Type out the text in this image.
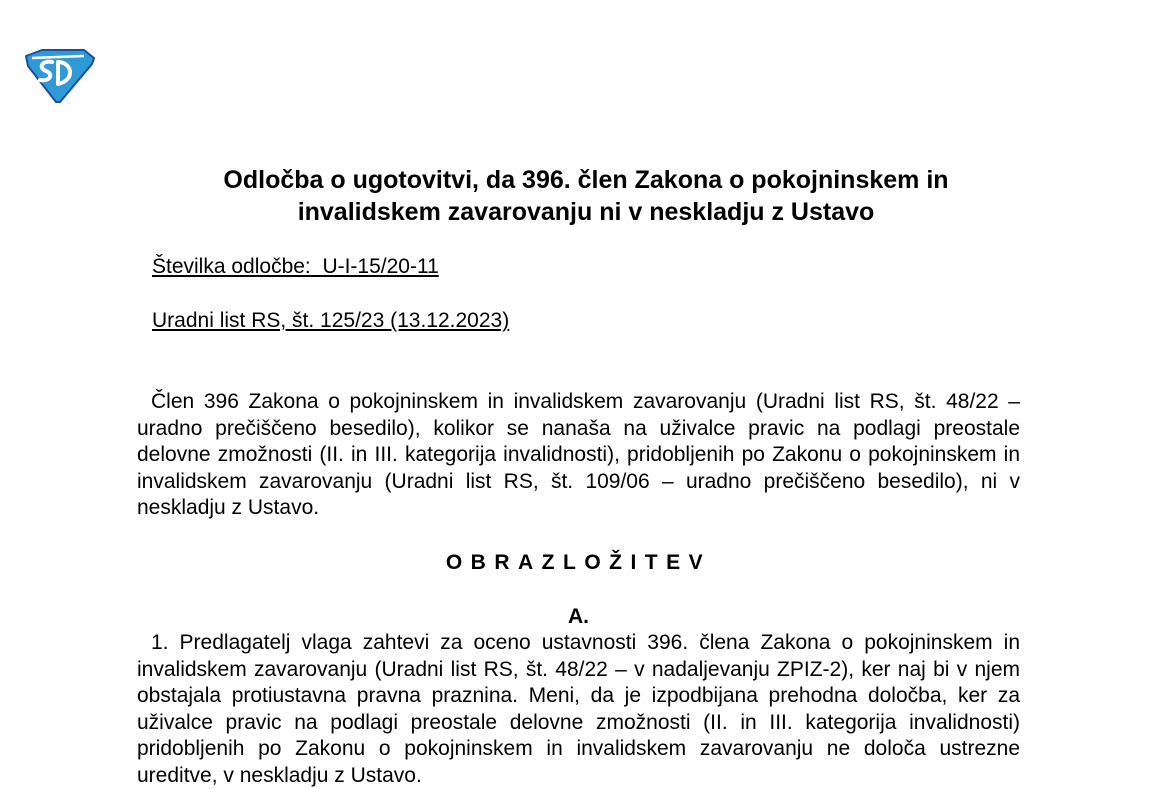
Odločba o ugotovitvi, da 396. člen Zakona o pokojninskem in
invalidskem zavarovanju ni v neskladju z Ustavo
Številka odločbe: U-I-15/20-11
Uradni list RS, št. 125/23 (13.12.2023)

Člen 396 Zakona o pokojninskem in invalidskem zavarovanju (Uradni list RS, št. 48/22 – uradno prečiščeno besedilo), kolikor se nanaša na uživalce pravic na podlagi preostale delovne zmožnosti (II. in III. kategorija invalidnosti), pridobljenih po Zakonu o pokojninskem in invalidskem zavarovanju (Uradni list RS, št. 109/06 – uradno prečiščeno besedilo), ni v neskladju z Ustavo.

OBRAZLOŽITEV
A.

1. Predlagatelj vlaga zahtevi za oceno ustavnosti 396. člena Zakona o pokojninskem in invalidskem zavarovanju (Uradni list RS, št. 48/22 – v nadaljevanju ZPIZ-2), ker naj bi v njem obstajala protiustavna pravna praznina. Meni, da je izpodbijana prehodna določba, ker za uživalce pravic na podlagi preostale delovne zmožnosti (II. in III. kategorija invalidnosti) pridobljenih po Zakonu o pokojninskem in invalidskem zavarovanju ne določa ustrezne ureditve, v neskladju z Ustavo.
